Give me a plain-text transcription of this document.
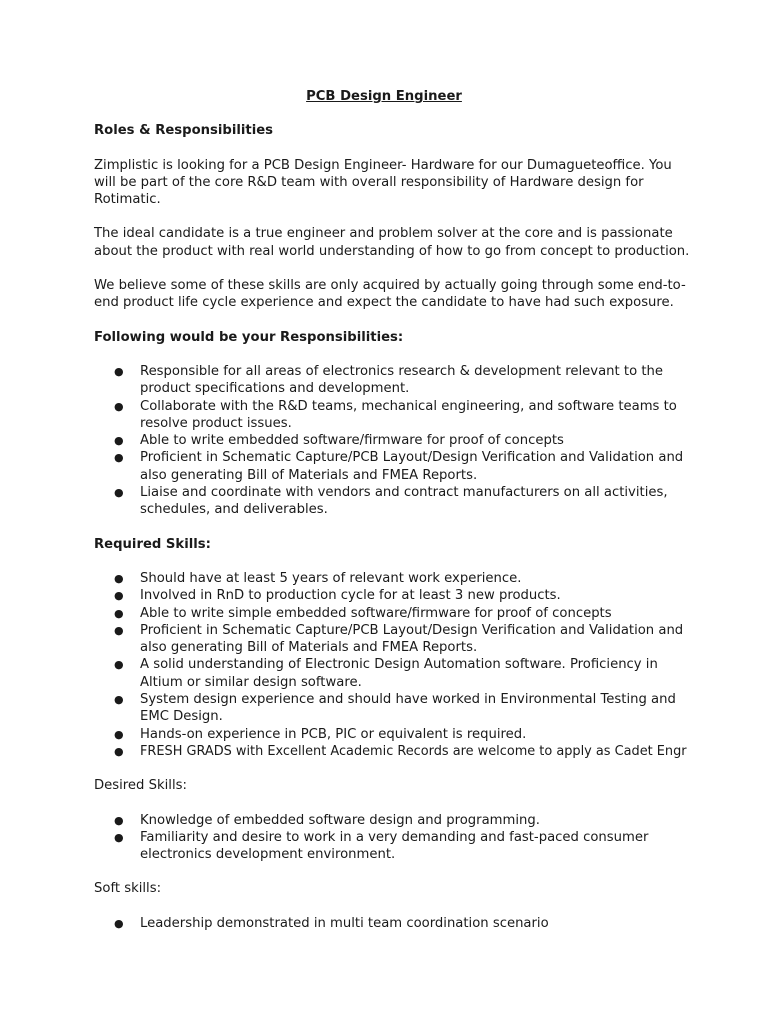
PCB Design Engineer
Roles & Responsibilities

Zimplistic is looking for a PCB Design Engineer- Hardware for our Dumagueteoffice. You will be part of the core R&D team with overall responsibility of Hardware design for Rotimatic.

The ideal candidate is a true engineer and problem solver at the core and is passionate about the product with real world understanding of how to go from concept to production.

We believe some of these skills are only acquired by actually going through some end-to-end product life cycle experience and expect the candidate to have had such exposure.

Following would be your Responsibilities:
● Responsible for all areas of electronics research & development relevant to the product specifications and development.
● Collaborate with the R&D teams, mechanical engineering, and software teams to resolve product issues.
● Able to write embedded software/firmware for proof of concepts
● Proficient in Schematic Capture/PCB Layout/Design Verification and Validation and also generating Bill of Materials and FMEA Reports.
● Liaise and coordinate with vendors and contract manufacturers on all activities, schedules, and deliverables.
Required Skills:
● Should have at least 5 years of relevant work experience.
● Involved in RnD to production cycle for at least 3 new products.
● Able to write simple embedded software/firmware for proof of concepts
● Proficient in Schematic Capture/PCB Layout/Design Verification and Validation and also generating Bill of Materials and FMEA Reports.
● A solid understanding of Electronic Design Automation software. Proficiency in Altium or similar design software.
● System design experience and should have worked in Environmental Testing and EMC Design.
● Hands-on experience in PCB, PIC or equivalent is required.
● FRESH GRADS with Excellent Academic Records are welcome to apply as Cadet Engr
Desired Skills:
● Knowledge of embedded software design and programming.
● Familiarity and desire to work in a very demanding and fast-paced consumer electronics development environment.
Soft skills:
● Leadership demonstrated in multi team coordination scenario
